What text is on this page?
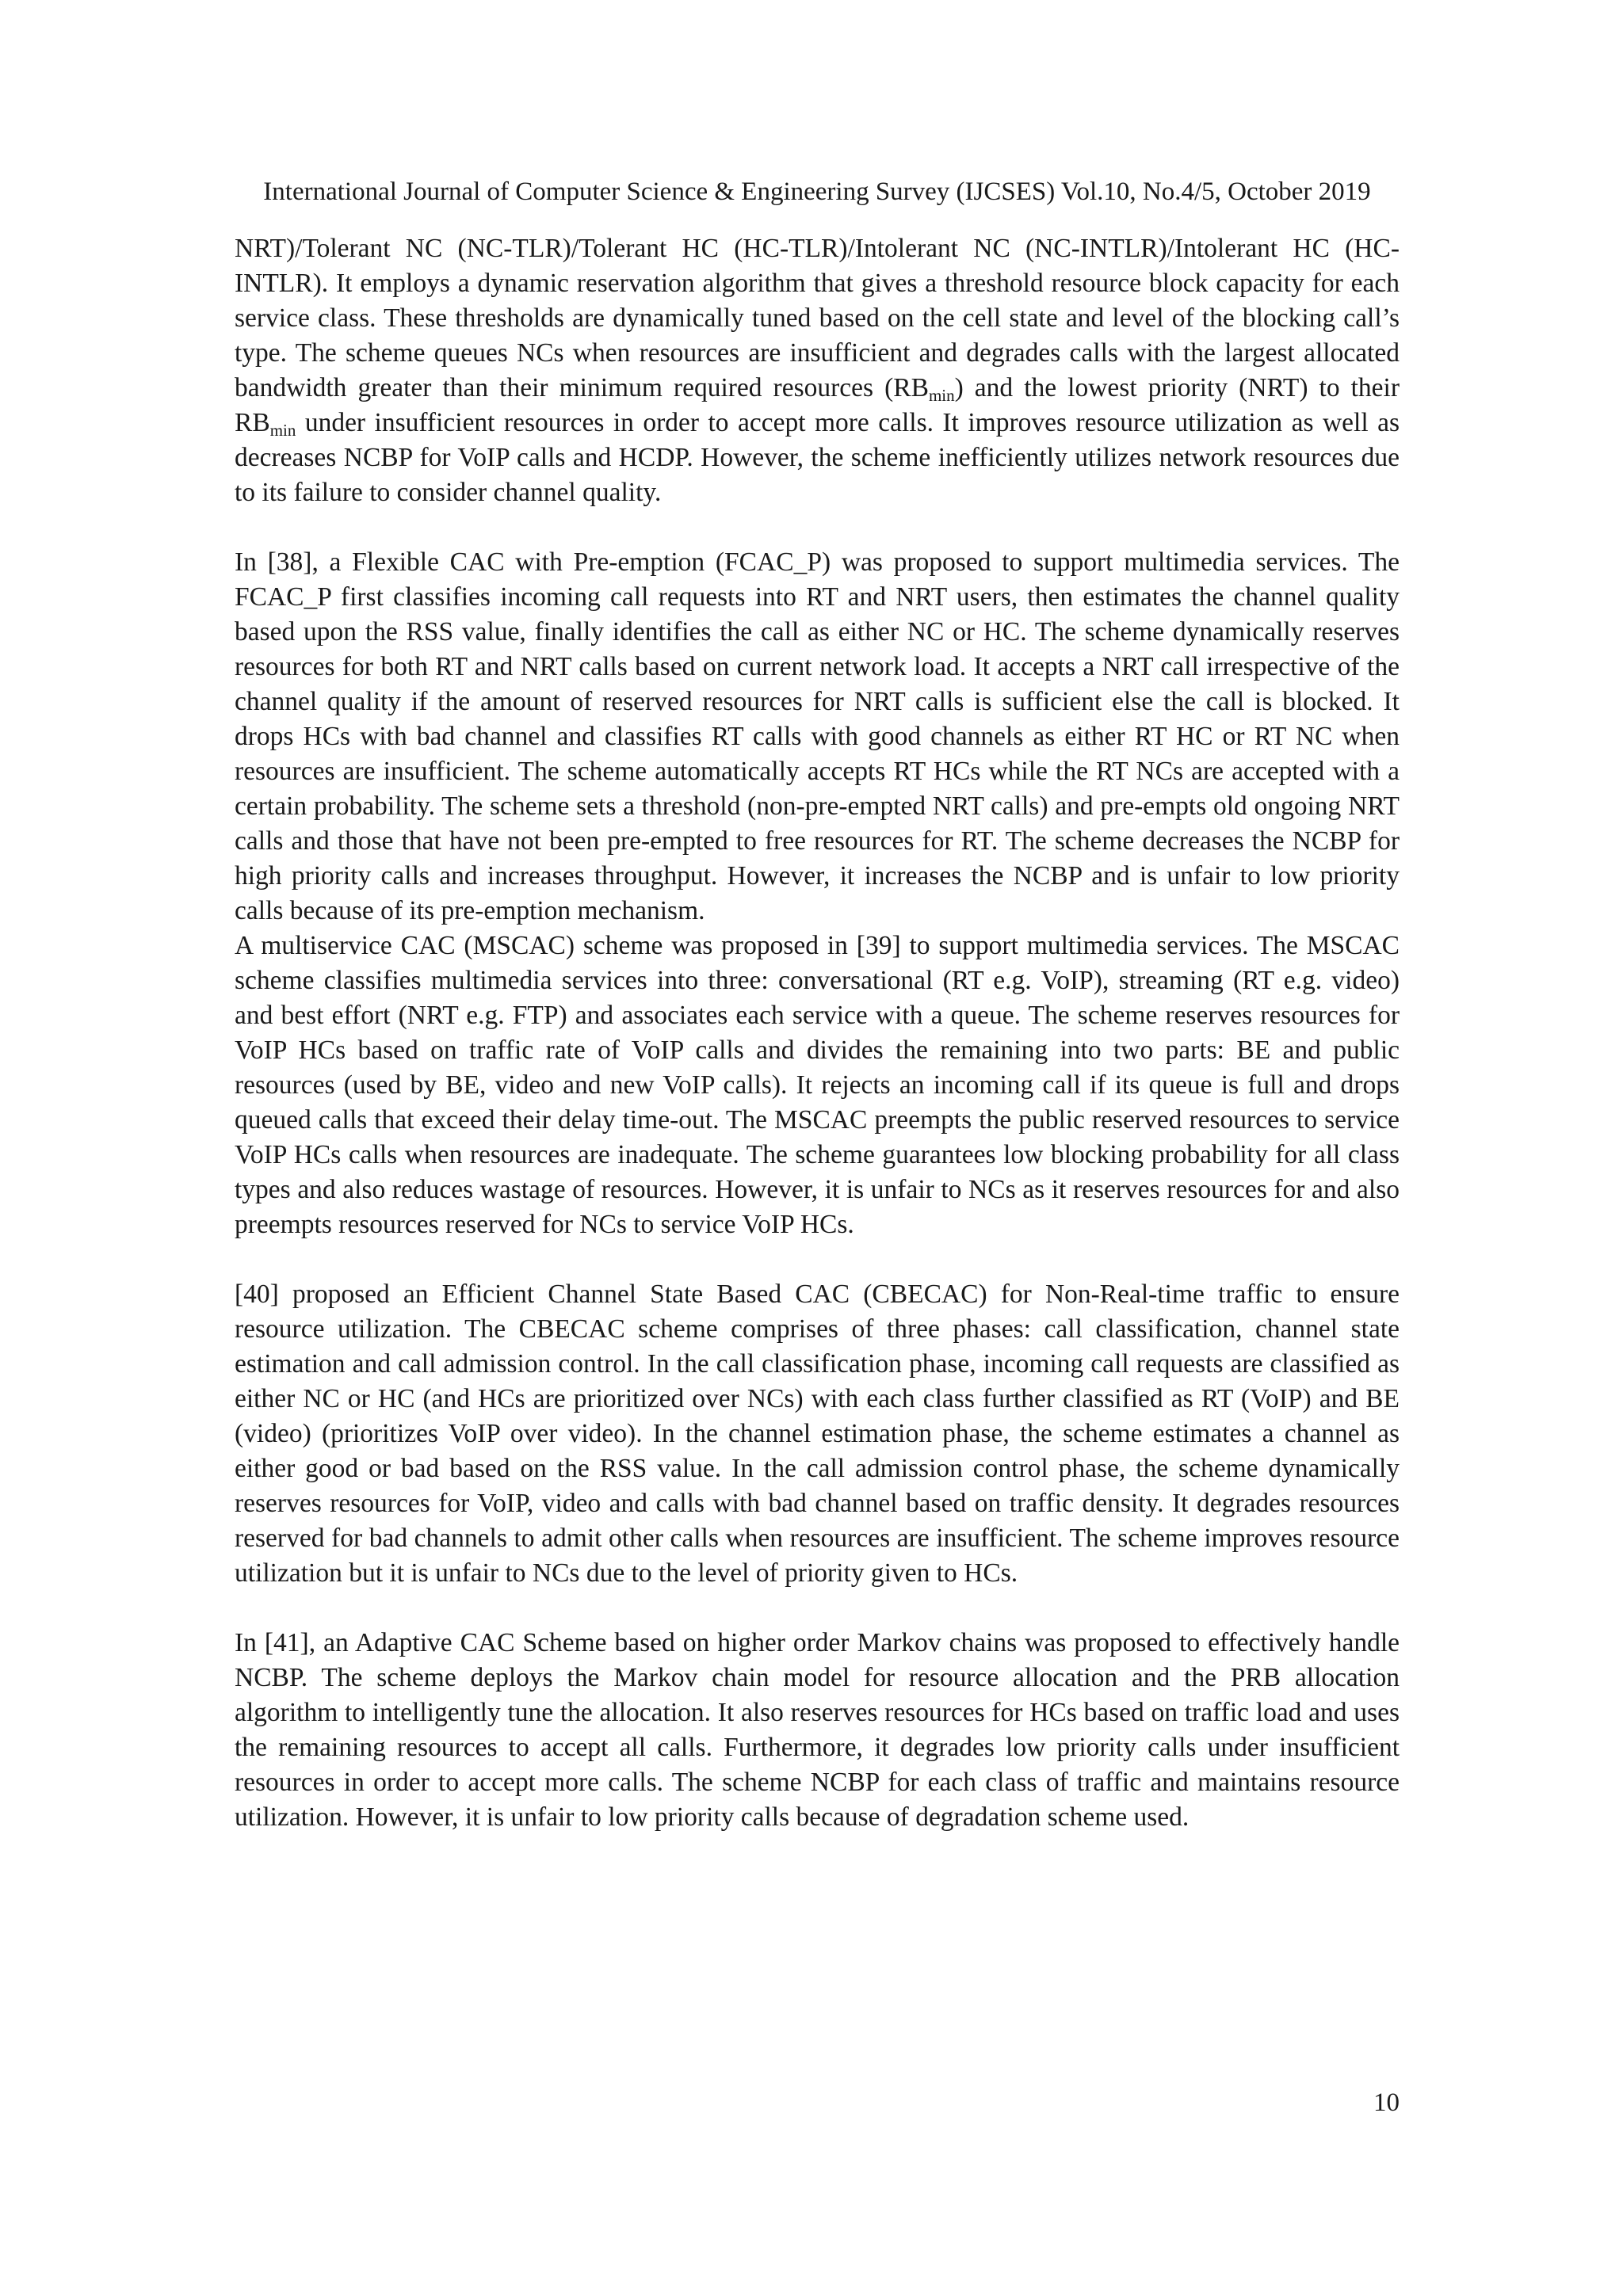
International Journal of Computer Science & Engineering Survey (IJCSES) Vol.10, No.4/5, October 2019

NRT)/Tolerant NC (NC-TLR)/Tolerant HC (HC-TLR)/Intolerant NC (NC-INTLR)/Intolerant HC (HC-INTLR). It employs a dynamic reservation algorithm that gives a threshold resource block capacity for each service class. These thresholds are dynamically tuned based on the cell state and level of the blocking call’s type. The scheme queues NCs when resources are insufficient and degrades calls with the largest allocated bandwidth greater than their minimum required resources $(RB_{min})$ and the lowest priority (NRT) to their $RB_{min}$ under insufficient resources in order to accept more calls. It improves resource utilization as well as decreases NCBP for VoIP calls and HCDP. However, the scheme inefficiently utilizes network resources due to its failure to consider channel quality.

In [38], a Flexible CAC with Pre-emption (FCAC_P) was proposed to support multimedia services. The FCAC_P first classifies incoming call requests into RT and NRT users, then estimates the channel quality based upon the RSS value, finally identifies the call as either NC or HC. The scheme dynamically reserves resources for both RT and NRT calls based on current network load. It accepts a NRT call irrespective of the channel quality if the amount of reserved resources for NRT calls is sufficient else the call is blocked. It drops HCs with bad channel and classifies RT calls with good channels as either RT HC or RT NC when resources are insufficient. The scheme automatically accepts RT HCs while the RT NCs are accepted with a certain probability. The scheme sets a threshold (non-pre-empted NRT calls) and pre-empts old ongoing NRT calls and those that have not been pre-empted to free resources for RT. The scheme decreases the NCBP for high priority calls and increases throughput. However, it increases the NCBP and is unfair to low priority calls because of its pre-emption mechanism.

A multiservice CAC (MSCAC) scheme was proposed in [39] to support multimedia services. The MSCAC scheme classifies multimedia services into three: conversational (RT e.g. VoIP), streaming (RT e.g. video) and best effort (NRT e.g. FTP) and associates each service with a queue. The scheme reserves resources for VoIP HCs based on traffic rate of VoIP calls and divides the remaining into two parts: BE and public resources (used by BE, video and new VoIP calls). It rejects an incoming call if its queue is full and drops queued calls that exceed their delay time-out. The MSCAC preempts the public reserved resources to service VoIP HCs calls when resources are inadequate. The scheme guarantees low blocking probability for all class types and also reduces wastage of resources. However, it is unfair to NCs as it reserves resources for and also preempts resources reserved for NCs to service VoIP HCs.

[40] proposed an Efficient Channel State Based CAC (CBECAC) for Non-Real-time traffic to ensure resource utilization. The CBECAC scheme comprises of three phases: call classification, channel state estimation and call admission control. In the call classification phase, incoming call requests are classified as either NC or HC (and HCs are prioritized over NCs) with each class further classified as RT (VoIP) and BE (video) (prioritizes VoIP over video). In the channel estimation phase, the scheme estimates a channel as either good or bad based on the RSS value. In the call admission control phase, the scheme dynamically reserves resources for VoIP, video and calls with bad channel based on traffic density. It degrades resources reserved for bad channels to admit other calls when resources are insufficient. The scheme improves resource utilization but it is unfair to NCs due to the level of priority given to HCs.

In [41], an Adaptive CAC Scheme based on higher order Markov chains was proposed to effectively handle NCBP. The scheme deploys the Markov chain model for resource allocation and the PRB allocation algorithm to intelligently tune the allocation. It also reserves resources for HCs based on traffic load and uses the remaining resources to accept all calls. Furthermore, it degrades low priority calls under insufficient resources in order to accept more calls. The scheme NCBP for each class of traffic and maintains resource utilization. However, it is unfair to low priority calls because of degradation scheme used.

10
